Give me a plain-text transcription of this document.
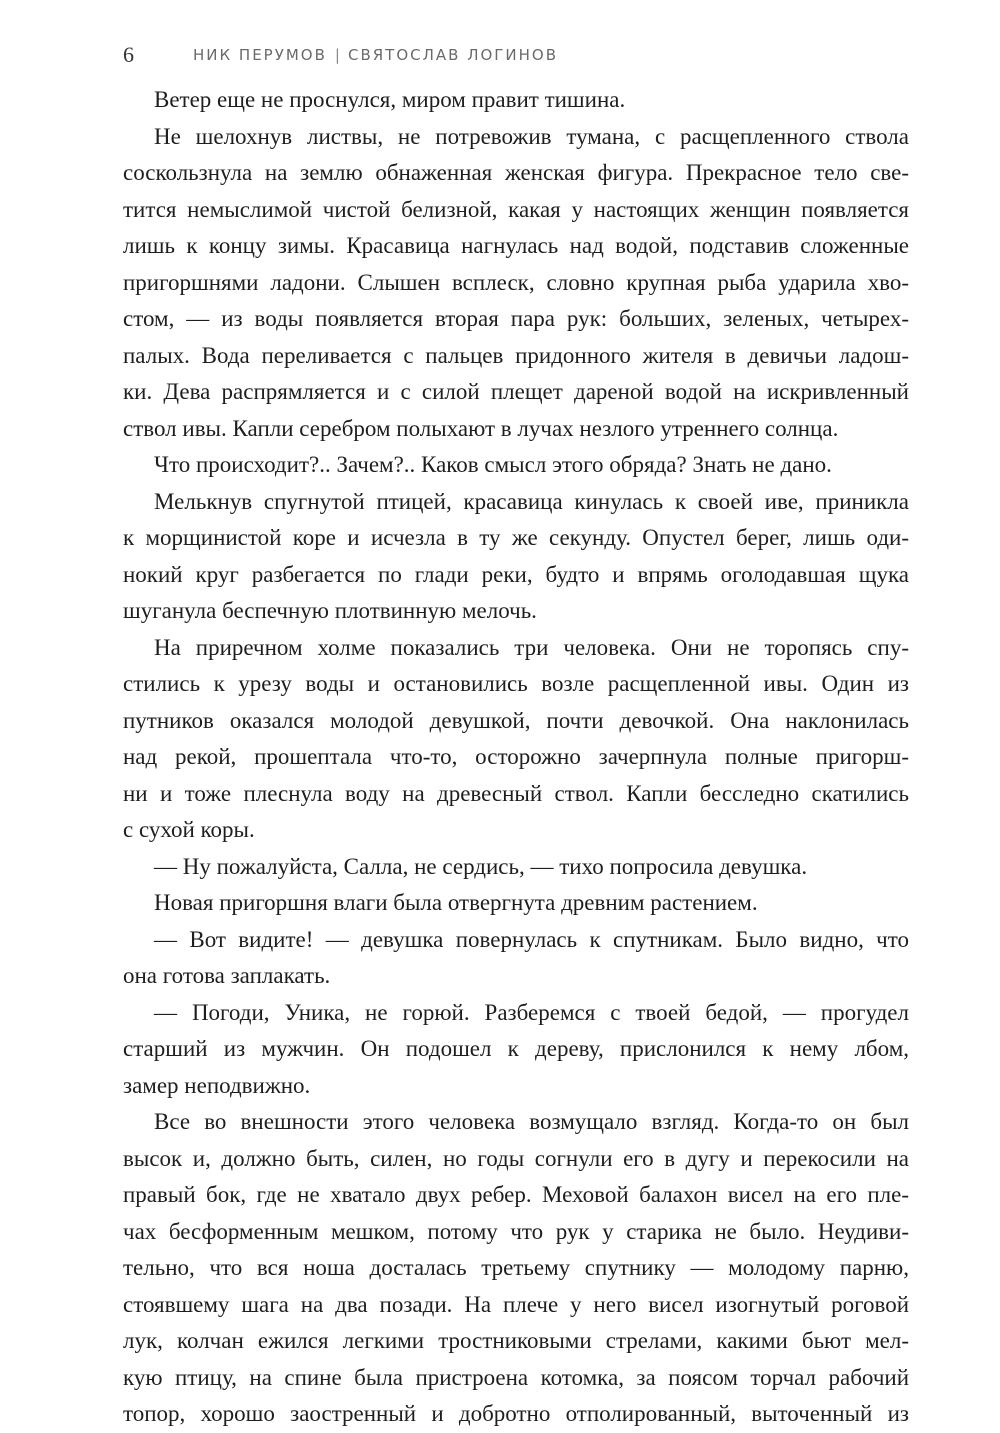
6	НИК ПЕРУМОВ | СВЯТОСЛАВ ЛОГИНОВ
Ветер еще не проснулся, миром правит тишина.
Не шелохнув листвы, не потревожив тумана, с расщепленного ствола
соскользнула на землю обнаженная женская фигура. Прекрасное тело све-
тится немыслимой чистой белизной, какая у настоящих женщин появляется
лишь к концу зимы. Красавица нагнулась над водой, подставив сложенные
пригоршнями ладони. Слышен всплеск, словно крупная рыба ударила хво-
стом, — из воды появляется вторая пара рук: больших, зеленых, четырех-
палых. Вода переливается с пальцев придонного жителя в девичьи ладош-
ки. Дева распрямляется и с силой плещет дареной водой на искривленный
ствол ивы. Капли серебром полыхают в лучах незлого утреннего солнца.
Что происходит?.. Зачем?.. Каков смысл этого обряда? Знать не дано.
Мелькнув спугнутой птицей, красавица кинулась к своей иве, приникла
к морщинистой коре и исчезла в ту же секунду. Опустел берег, лишь оди-
нокий круг разбегается по глади реки, будто и впрямь оголодавшая щука
шуганула беспечную плотвинную мелочь.
На приречном холме показались три человека. Они не торопясь спу-
стились к урезу воды и остановились возле расщепленной ивы. Один из
путников оказался молодой девушкой, почти девочкой. Она наклонилась
над рекой, прошептала что-то, осторожно зачерпнула полные пригорш-
ни и тоже плеснула воду на древесный ствол. Капли бесследно скатились
с сухой коры.
— Ну пожалуйста, Салла, не сердись, — тихо попросила девушка.
Новая пригоршня влаги была отвергнута древним растением.
— Вот видите! — девушка повернулась к спутникам. Было видно, что
она готова заплакать.
— Погоди, Уника, не горюй. Разберемся с твоей бедой, — прогудел
старший из мужчин. Он подошел к дереву, прислонился к нему лбом,
замер неподвижно.
Все во внешности этого человека возмущало взгляд. Когда-то он был
высок и, должно быть, силен, но годы согнули его в дугу и перекосили на
правый бок, где не хватало двух ребер. Меховой балахон висел на его пле-
чах бесформенным мешком, потому что рук у старика не было. Неудиви-
тельно, что вся ноша досталась третьему спутнику — молодому парню,
стоявшему шага на два позади. На плече у него висел изогнутый роговой
лук, колчан ежился легкими тростниковыми стрелами, какими бьют мел-
кую птицу, на спине была пристроена котомка, за поясом торчал рабочий
топор, хорошо заостренный и добротно отполированный, выточенный из
